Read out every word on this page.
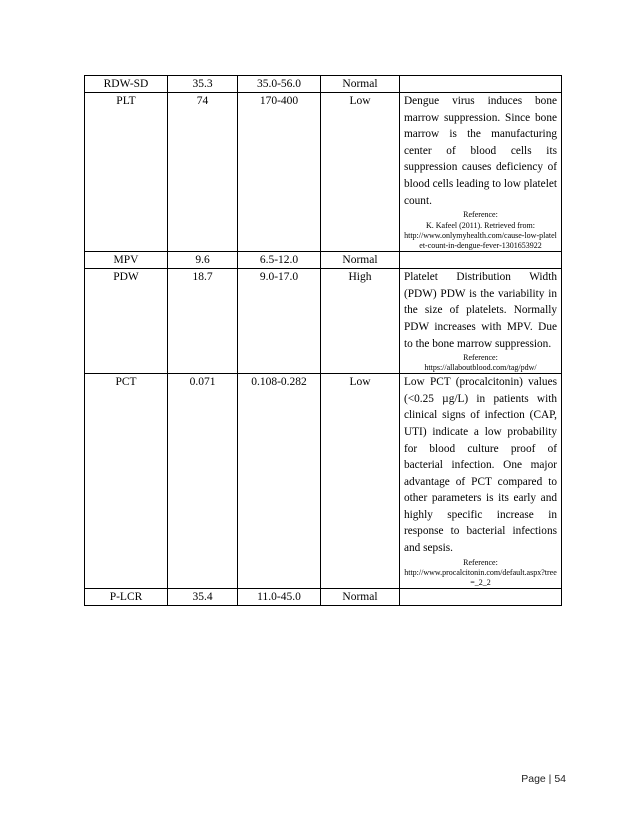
RDW-SD	35.3	35.0-56.0	Normal	
PLT	74	170-400	Low	Dengue virus induces bone marrow suppression. Since bone marrow is the manufacturing center of blood cells its suppression causes deficiency of blood cells leading to low platelet count.
Reference:
K. Kafeel (2011). Retrieved from:
http://www.onlymyhealth.com/cause-low-platelet-count-in-dengue-fever-1301653922

MPV	9.6	6.5-12.0	Normal	
PDW	18.7	9.0-17.0	High	Platelet Distribution Width (PDW) PDW is the variability in the size of platelets. Normally PDW increases with MPV. Due to the bone marrow suppression.
Reference:
https://allaboutblood.com/tag/pdw/

PCT	0.071	0.108-0.282	Low	Low PCT (procalcitonin) values (<0.25 µg/L) in patients with clinical signs of infection (CAP, UTI) indicate a low probability for blood culture proof of bacterial infection. One major advantage of PCT compared to other parameters is its early and highly specific increase in response to bacterial infections and sepsis.
Reference:
http://www.procalcitonin.com/default.aspx?tree=_2_2

P-LCR	35.4	11.0-45.0	Normal	
Page | 54
